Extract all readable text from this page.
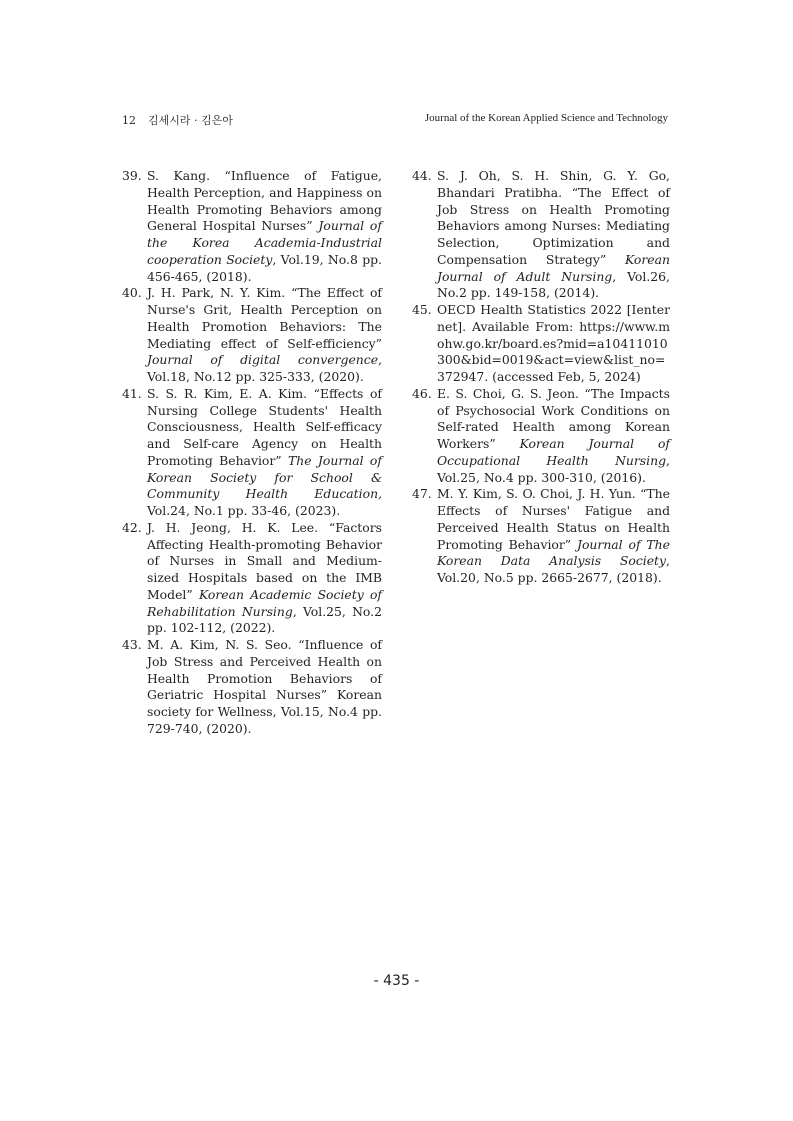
12 김세시라 · 김은아	Journal of the Korean Applied Science and Technology

39. S. Kang. “Influence of Fatigue, Health Perception, and Happiness on Health Promoting Behaviors among General Hospital Nurses” Journal of the Korea Academia-Industrial cooperation Society, Vol.19, No.8 pp. 456-465, (2018).

40. J. H. Park, N. Y. Kim. “The Effect of Nurse's Grit, Health Perception on Health Promotion Behaviors: The Mediating effect of Self-efficiency” Journal of digital convergence, Vol.18, No.12 pp. 325-333, (2020).

41. S. S. R. Kim, E. A. Kim. “Effects of Nursing College Students' Health Consciousness, Health Self-efficacy and Self-care Agency on Health Promoting Behavior” The Journal of Korean Society for School & Community Health Education, Vol.24, No.1 pp. 33-46, (2023).

42. J. H. Jeong, H. K. Lee. “Factors Affecting Health-promoting Behavior of Nurses in Small and Medium-sized Hospitals based on the IMB Model” Korean Academic Society of Rehabilitation Nursing, Vol.25, No.2 pp. 102-112, (2022).

43. M. A. Kim, N. S. Seo. “Influence of Job Stress and Perceived Health on Health Promotion Behaviors of Geriatric Hospital Nurses” Korean society for Wellness, Vol.15, No.4 pp. 729-740, (2020).

44. S. J. Oh, S. H. Shin, G. Y. Go, Bhandari Pratibha. “The Effect of Job Stress on Health Promoting Behaviors among Nurses: Mediating Selection, Optimization and Compensation Strategy” Korean Journal of Adult Nursing, Vol.26, No.2 pp. 149-158, (2014).

45. OECD Health Statistics 2022 [Ienternet]. Available From: https://www.mohw.go.kr/board.es?mid=a10411010300&bid=0019&act=view&list_no=372947. (accessed Feb, 5, 2024)

46. E. S. Choi, G. S. Jeon. “The Impacts of Psychosocial Work Conditions on Self-rated Health among Korean Workers” Korean Journal of Occupational Health Nursing, Vol.25, No.4 pp. 300-310, (2016).

47. M. Y. Kim, S. O. Choi, J. H. Yun. “The Effects of Nurses' Fatigue and Perceived Health Status on Health Promoting Behavior” Journal of The Korean Data Analysis Society, Vol.20, No.5 pp. 2665-2677, (2018).

- 435 -
